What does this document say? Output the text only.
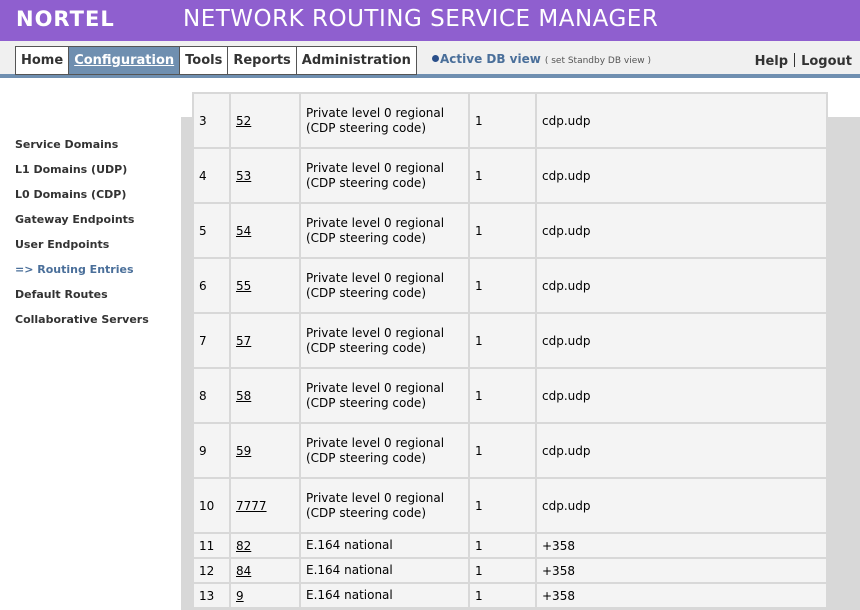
NORTEL	NETWORK ROUTING SERVICE MANAGER
Home Configuration Tools Reports Administration	Active DB view ( set Standby DB view )	Help Logout
Service Domains
L1 Domains (UDP)
L0 Domains (CDP)
Gateway Endpoints
User Endpoints
=> Routing Entries
Default Routes
Collaborative Servers
3	52	Private level 0 regional (CDP steering code)	1	cdp.udp
4	53	Private level 0 regional (CDP steering code)	1	cdp.udp
5	54	Private level 0 regional (CDP steering code)	1	cdp.udp
6	55	Private level 0 regional (CDP steering code)	1	cdp.udp
7	57	Private level 0 regional (CDP steering code)	1	cdp.udp
8	58	Private level 0 regional (CDP steering code)	1	cdp.udp
9	59	Private level 0 regional (CDP steering code)	1	cdp.udp
10	7777	Private level 0 regional (CDP steering code)	1	cdp.udp
11	82	E.164 national	1	+358
12	84	E.164 national	1	+358
13	9	E.164 national	1	+358
